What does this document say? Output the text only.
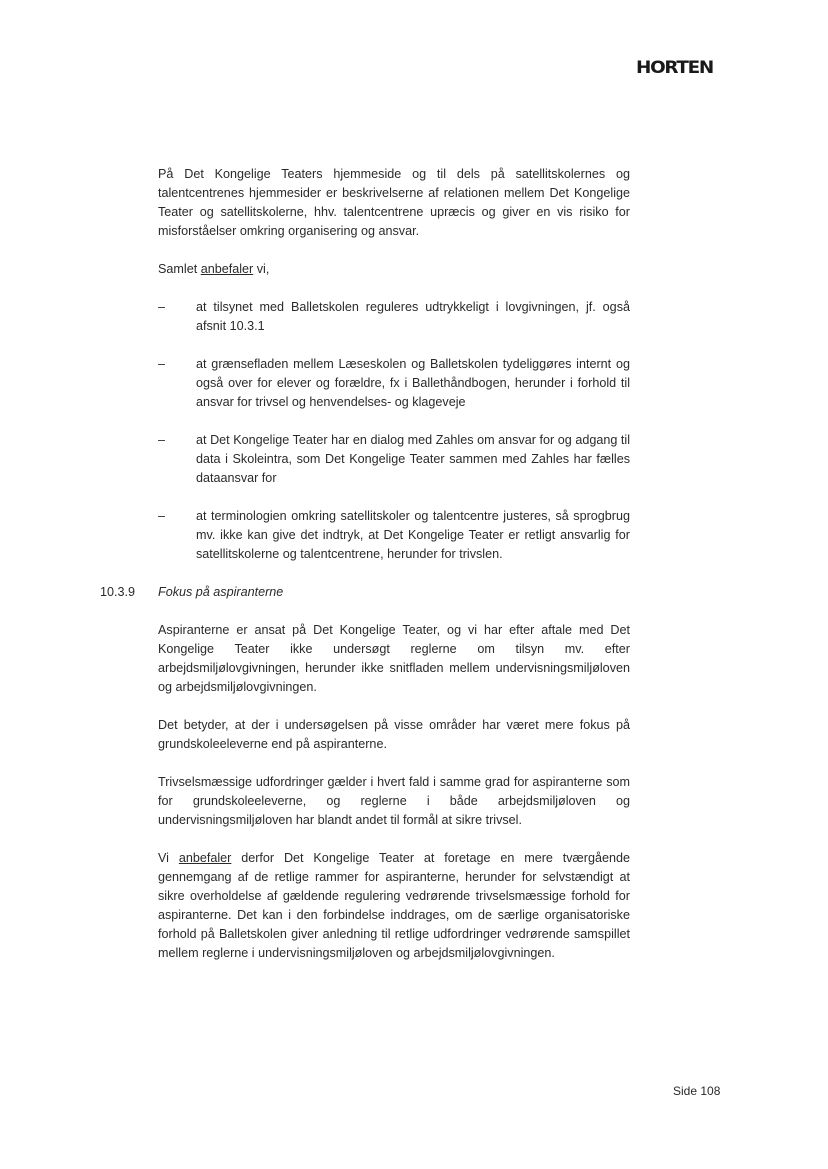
HORTEN

På Det Kongelige Teaters hjemmeside og til dels på satellitskolernes og talentcentrenes hjemmesider er beskrivelserne af relationen mellem Det Kongelige Teater og satellitskolerne, hhv. talentcentrene upræcis og giver en vis risiko for misforståelser omkring organisering og ansvar.

Samlet anbefaler vi,

– at tilsynet med Balletskolen reguleres udtrykkeligt i lovgivningen, jf. også afsnit 10.3.1
– at grænsefladen mellem Læseskolen og Balletskolen tydeliggøres internt og også over for elever og forældre, fx i Ballethåndbogen, herunder i forhold til ansvar for trivsel og henvendelses- og klageveje
– at Det Kongelige Teater har en dialog med Zahles om ansvar for og adgang til data i Skoleintra, som Det Kongelige Teater sammen med Zahles har fælles dataansvar for
– at terminologien omkring satellitskoler og talentcentre justeres, så sprogbrug mv. ikke kan give det indtryk, at Det Kongelige Teater er retligt ansvarlig for satellitskolerne og talentcentrene, herunder for trivslen.
10.3.9 Fokus på aspiranterne

Aspiranterne er ansat på Det Kongelige Teater, og vi har efter aftale med Det Kongelige Teater ikke undersøgt reglerne om tilsyn mv. efter arbejdsmiljølovgivningen, herunder ikke snitfladen mellem undervisningsmiljøloven og arbejdsmiljølovgivningen.

Det betyder, at der i undersøgelsen på visse områder har været mere fokus på grundskoleeleverne end på aspiranterne.

Trivselsmæssige udfordringer gælder i hvert fald i samme grad for aspiranterne som for grundskoleeleverne, og reglerne i både arbejdsmiljøloven og undervisningsmiljøloven har blandt andet til formål at sikre trivsel.

Vi anbefaler derfor Det Kongelige Teater at foretage en mere tværgående gennemgang af de retlige rammer for aspiranterne, herunder for selvstændigt at sikre overholdelse af gældende regulering vedrørende trivselsmæssige forhold for aspiranterne. Det kan i den forbindelse inddrages, om de særlige organisatoriske forhold på Balletskolen giver anledning til retlige udfordringer vedrørende samspillet mellem reglerne i undervisningsmiljøloven og arbejdsmiljølovgivningen.

Side 108
